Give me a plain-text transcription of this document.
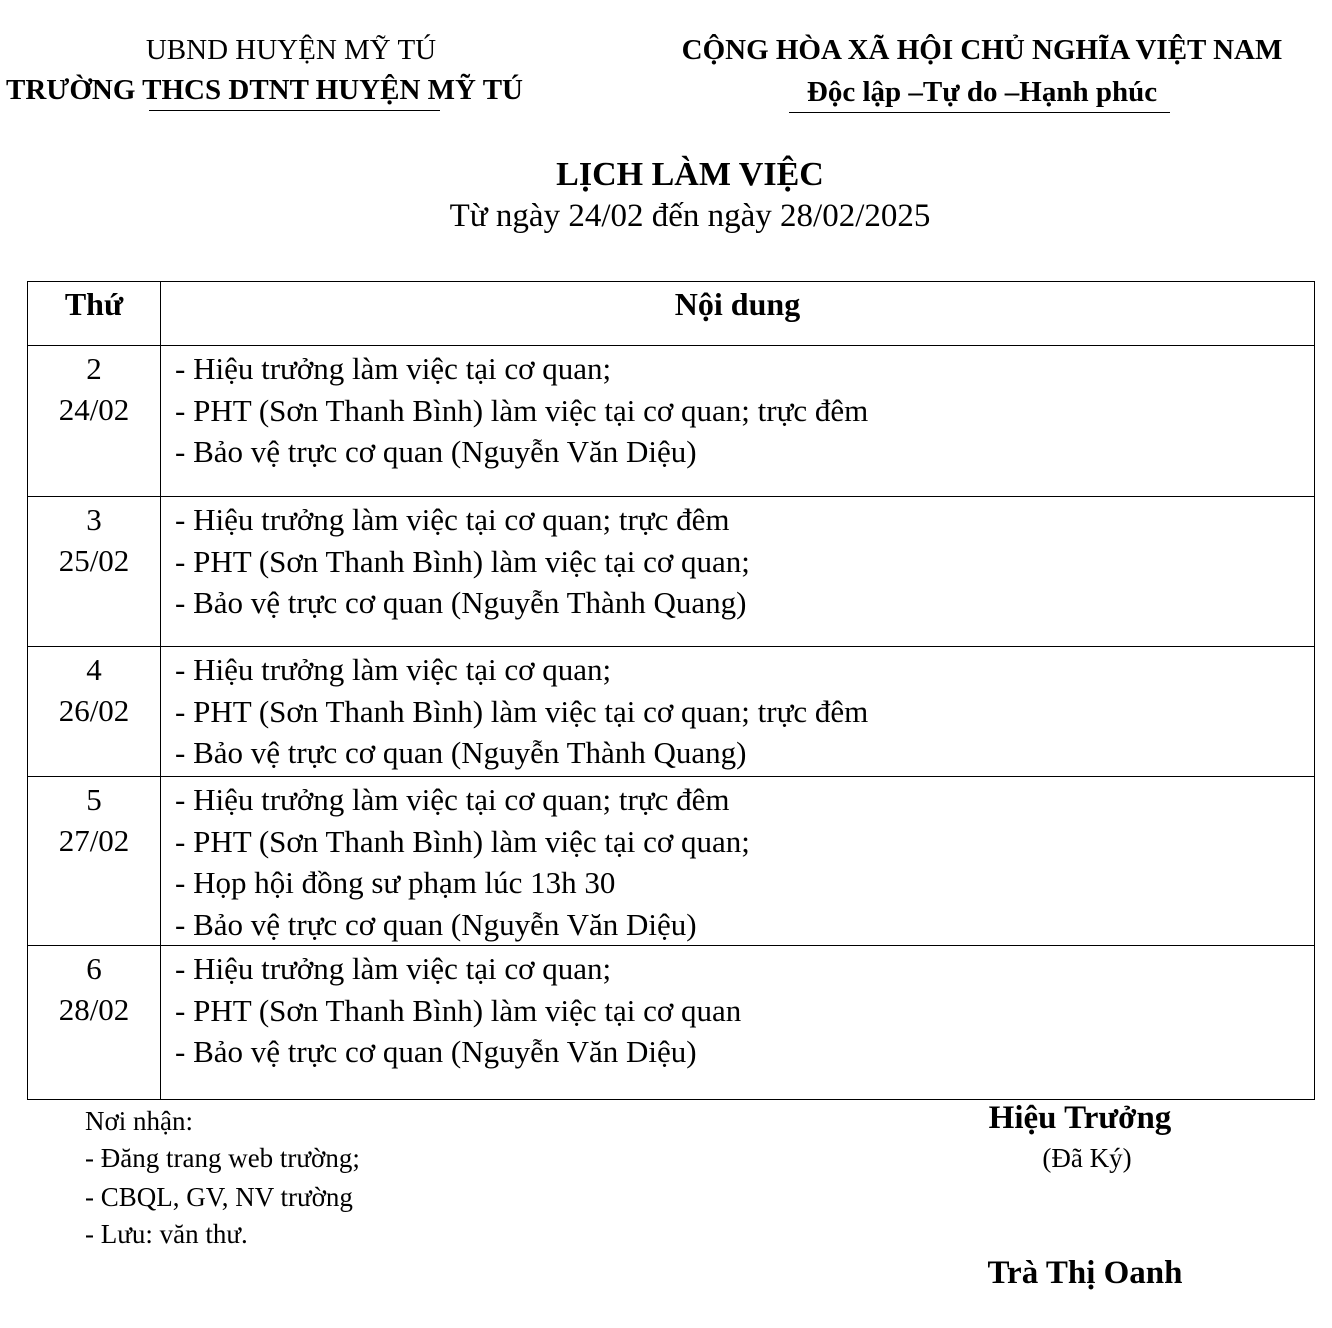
UBND HUYỆN MỸ TÚ
TRƯỜNG THCS DTNT HUYỆN MỸ TÚ
CỘNG HÒA XÃ HỘI CHỦ NGHĨA VIỆT NAM
Độc lập –Tự do –Hạnh phúc
LỊCH LÀM VIỆC
Từ ngày 24/02 đến ngày 28/02/2025
Thứ	Nội dung

2
24/02	- Hiệu trưởng làm việc tại cơ quan;
- PHT (Sơn Thanh Bình) làm việc tại cơ quan; trực đêm
- Bảo vệ trực cơ quan (Nguyễn Văn Diệu)

3
25/02	- Hiệu trưởng làm việc tại cơ quan; trực đêm
- PHT (Sơn Thanh Bình) làm việc tại cơ quan;
- Bảo vệ trực cơ quan (Nguyễn Thành Quang)

4
26/02	- Hiệu trưởng làm việc tại cơ quan;
- PHT (Sơn Thanh Bình) làm việc tại cơ quan; trực đêm
- Bảo vệ trực cơ quan (Nguyễn Thành Quang)

5
27/02	- Hiệu trưởng làm việc tại cơ quan; trực đêm
- PHT (Sơn Thanh Bình) làm việc tại cơ quan;
- Họp hội đồng sư phạm lúc 13h 30
- Bảo vệ trực cơ quan (Nguyễn Văn Diệu)

6
28/02	- Hiệu trưởng làm việc tại cơ quan;
- PHT (Sơn Thanh Bình) làm việc tại cơ quan
- Bảo vệ trực cơ quan (Nguyễn Văn Diệu)
Nơi nhận:
- Đăng trang web trường;
- CBQL, GV, NV trường
- Lưu: văn thư.
Hiệu Trưởng
(Đã Ký)
Trà Thị Oanh
